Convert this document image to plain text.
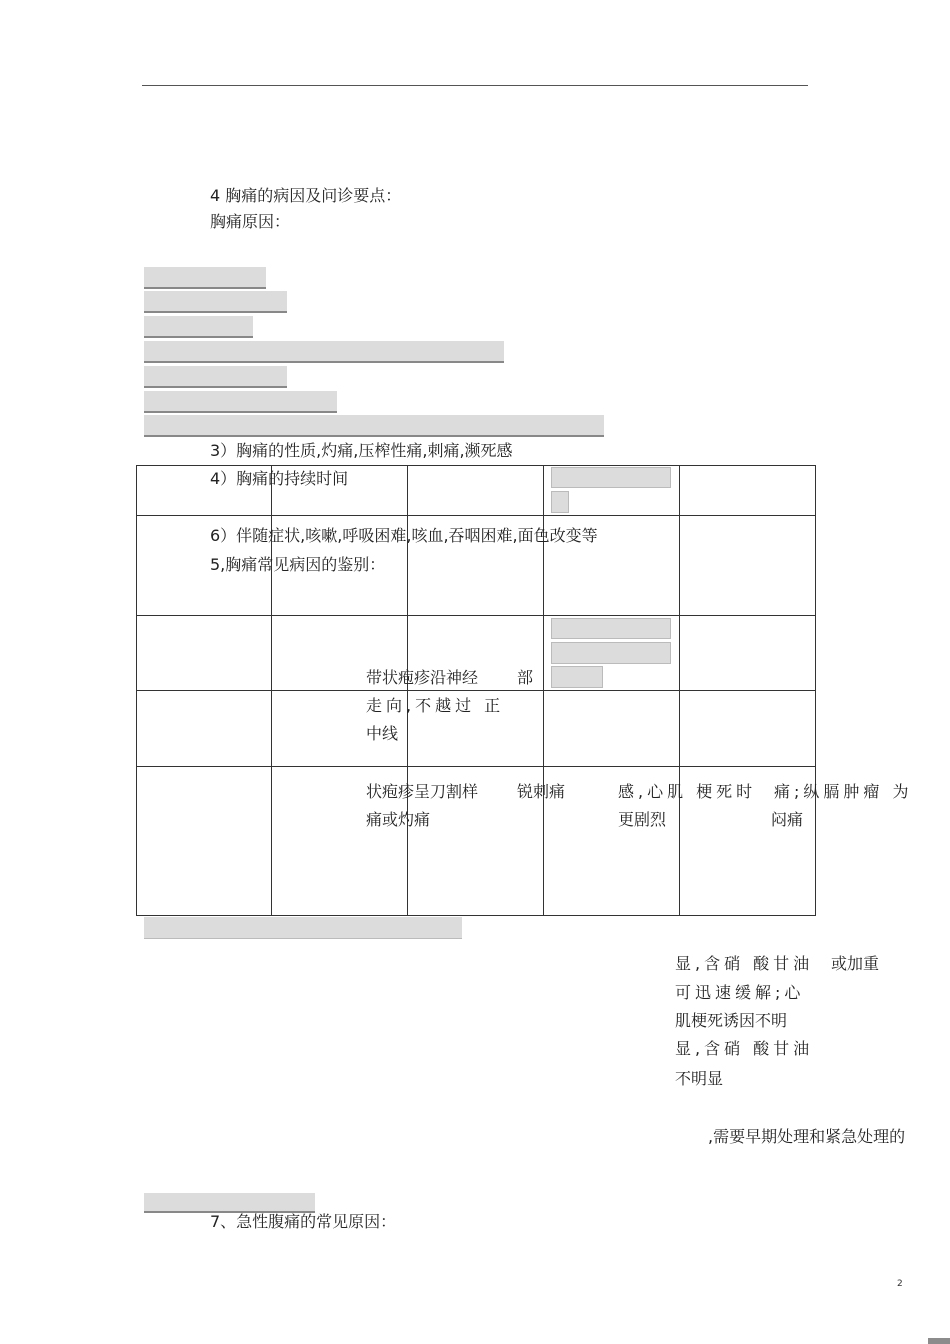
4 胸痛的病因及问诊要点：
胸痛原因：
3）胸痛的性质,灼痛,压榨性痛,刺痛,濒死感
4）胸痛的持续时间
6）伴随症状,咳嗽,呼吸困难,咳血,吞咽困难,面色改变等
5,胸痛常见病因的鉴别：
带状疱疹沿神经 部
走向,不越过 正
中线
状疱疹呈刀割样
痛或灼痛
锐刺痛	感,心肌 梗死时
更剧烈
痛;纵膈肿瘤 为
闷痛
显,含硝 酸甘油 或加重
可迅速缓解;心
肌梗死诱因不明
显,含硝 酸甘油
不明显
,需要早期处理和紧急处理的
7、急性腹痛的常见原因：
2
